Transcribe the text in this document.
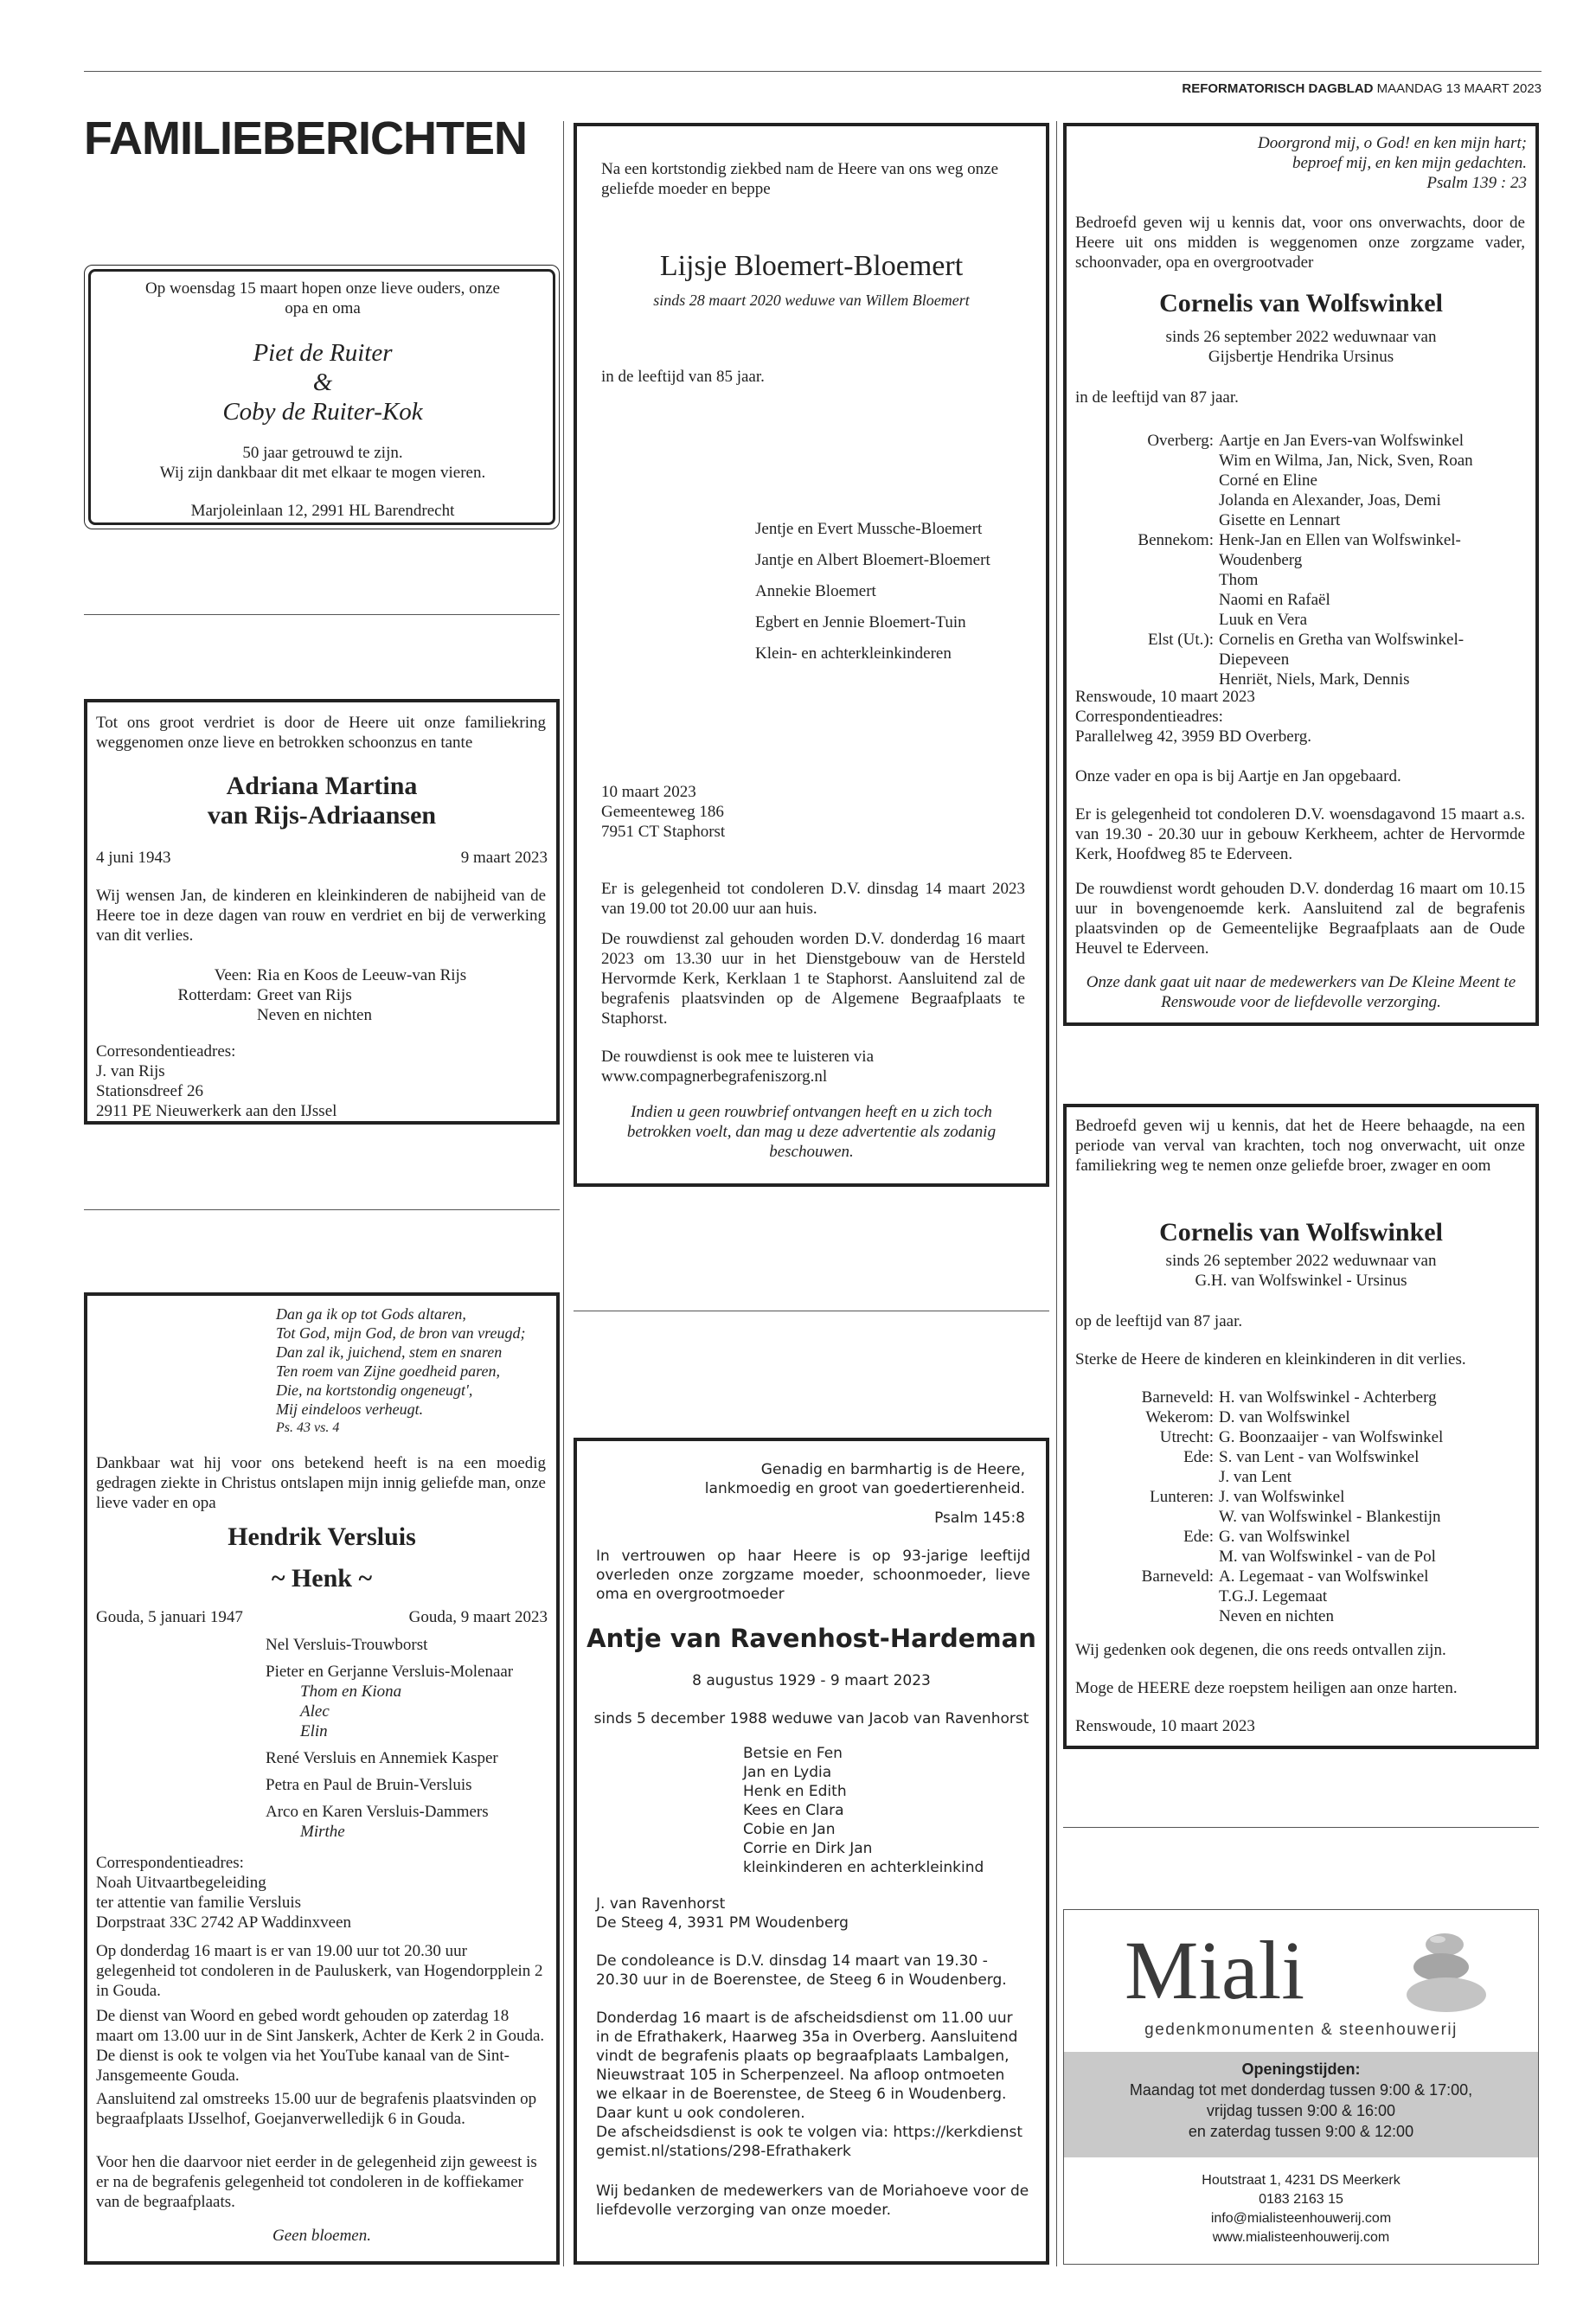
REFORMATORISCH DAGBLAD MAANDAG 13 MAART 2023
FAMILIEBERICHTEN
Op woensdag 15 maart hopen onze lieve ouders, onze opa en oma
Piet de Ruiter
&
Coby de Ruiter-Kok
50 jaar getrouwd te zijn.
Wij zijn dankbaar dit met elkaar te mogen vieren.
Marjoleinlaan 12, 2991 HL Barendrecht
Tot ons groot verdriet is door de Heere uit onze familiekring weggenomen onze lieve en betrokken schoonzus en tante
Adriana Martina
van Rijs-Adriaansen
4 juni 1943	9 maart 2023
Wij wensen Jan, de kinderen en kleinkinderen de nabijheid van de Heere toe in deze dagen van rouw en verdriet en bij de verwerking van dit verlies.
Veen:	Ria en Koos de Leeuw-van Rijs
Rotterdam:	Greet van Rijs
	Neven en nichten
Corresondentieadres:
J. van Rijs
Stationsdreef 26
2911 PE Nieuwerkerk aan den IJssel
Dan ga ik op tot Gods altaren,
Tot God, mijn God, de bron van vreugd;
Dan zal ik, juichend, stem en snaren
Ten roem van Zijne goedheid paren,
Die, na kortstondig ongeneugt',
Mij eindeloos verheugt.
Ps. 43 vs. 4
Dankbaar wat hij voor ons betekend heeft is na een moedig gedragen ziekte in Christus ontslapen mijn innig geliefde man, onze lieve vader en opa
Hendrik Versluis
~ Henk ~
Gouda, 5 januari 1947	Gouda, 9 maart 2023
Nel Versluis-Trouwborst
Pieter en Gerjanne Versluis-Molenaar
Thom en Kiona
Alec
Elin
René Versluis en Annemiek Kasper
Petra en Paul de Bruin-Versluis
Arco en Karen Versluis-Dammers
Mirthe
Correspondentieadres:
Noah Uitvaartbegeleiding
ter attentie van familie Versluis
Dorpstraat 33C 2742 AP Waddinxveen
Op donderdag 16 maart is er van 19.00 uur tot 20.30 uur gelegenheid tot condoleren in de Pauluskerk, van Hogendorpplein 2 in Gouda.
De dienst van Woord en gebed wordt gehouden op zaterdag 18 maart om 13.00 uur in de Sint Janskerk, Achter de Kerk 2 in Gouda. De dienst is ook te volgen via het YouTube kanaal van de Sint-Jansgemeente Gouda.
Aansluitend zal omstreeks 15.00 uur de begrafenis plaatsvinden op begraafplaats IJsselhof, Goejanverwelledijk 6 in Gouda.
Voor hen die daarvoor niet eerder in de gelegenheid zijn geweest is er na de begrafenis gelegenheid tot condoleren in de koffiekamer van de begraafplaats.
Geen bloemen.
Na een kortstondig ziekbed nam de Heere van ons weg onze geliefde moeder en beppe
Lijsje Bloemert-Bloemert
sinds 28 maart 2020 weduwe van Willem Bloemert
in de leeftijd van 85 jaar.
Jentje en Evert Mussche-Bloemert
Jantje en Albert Bloemert-Bloemert
Annekie Bloemert
Egbert en Jennie Bloemert-Tuin
Klein- en achterkleinkinderen
10 maart 2023
Gemeenteweg 186
7951 CT Staphorst
Er is gelegenheid tot condoleren D.V. dinsdag 14 maart 2023 van 19.00 tot 20.00 uur aan huis.
De rouwdienst zal gehouden worden D.V. donderdag 16 maart 2023 om 13.30 uur in het Dienstgebouw van de Hersteld Hervormde Kerk, Kerklaan 1 te Staphorst. Aansluitend zal de begrafenis plaatsvinden op de Algemene Begraafplaats te Staphorst.
De rouwdienst is ook mee te luisteren via www.compagnerbegrafeniszorg.nl
Indien u geen rouwbrief ontvangen heeft en u zich toch betrokken voelt, dan mag u deze advertentie als zodanig beschouwen.
Genadig en barmhartig is de Heere,
lankmoedig en groot van goedertierenheid.
Psalm 145:8
In vertrouwen op haar Heere is op 93-jarige leeftijd overleden onze zorgzame moeder, schoonmoeder, lieve oma en overgrootmoeder
Antje van Ravenhost-Hardeman
8 augustus 1929 - 9 maart 2023
sinds 5 december 1988 weduwe van Jacob van Ravenhorst
Betsie en Fen
Jan en Lydia
Henk en Edith
Kees en Clara
Cobie en Jan
Corrie en Dirk Jan
kleinkinderen en achterkleinkind
J. van Ravenhorst
De Steeg 4, 3931 PM Woudenberg
De condoleance is D.V. dinsdag 14 maart van 19.30 - 20.30 uur in de Boerenstee, de Steeg 6 in Woudenberg.
Donderdag 16 maart is de afscheidsdienst om 11.00 uur in de Efrathakerk, Haarweg 35a in Overberg. Aansluitend vindt de begrafenis plaats op begraafplaats Lambalgen, Nieuwstraat 105 in Scherpenzeel. Na afloop ontmoeten we elkaar in de Boerenstee, de Steeg 6 in Woudenberg. Daar kunt u ook condoleren.
De afscheidsdienst is ook te volgen via: https://kerkdienstgemist.nl/stations/298-Efrathakerk
Wij bedanken de medewerkers van de Moriahoeve voor de liefdevolle verzorging van onze moeder.
Doorgrond mij, o God! en ken mijn hart;
beproef mij, en ken mijn gedachten.
Psalm 139 : 23
Bedroefd geven wij u kennis dat, voor ons onverwachts, door de Heere uit ons midden is weggenomen onze zorgzame vader, schoonvader, opa en overgrootvader
Cornelis van Wolfswinkel
sinds 26 september 2022 weduwnaar van
Gijsbertje Hendrika Ursinus
in de leeftijd van 87 jaar.
Overberg:	Aartje en Jan Evers-van Wolfswinkel
	Wim en Wilma, Jan, Nick, Sven, Roan
	Corné en Eline
	Jolanda en Alexander, Joas, Demi
	Gisette en Lennart
Bennekom:	Henk-Jan en Ellen van Wolfswinkel-
	Woudenberg
	Thom
	Naomi en Rafaël
	Luuk en Vera
Elst (Ut.):	Cornelis en Gretha van Wolfswinkel-
	Diepeveen
	Henriët, Niels, Mark, Dennis
Renswoude, 10 maart 2023
Correspondentieadres:
Parallelweg 42, 3959 BD Overberg.
Onze vader en opa is bij Aartje en Jan opgebaard.
Er is gelegenheid tot condoleren D.V. woensdagavond 15 maart a.s. van 19.30 - 20.30 uur in gebouw Kerkheem, achter de Hervormde Kerk, Hoofdweg 85 te Ederveen.
De rouwdienst wordt gehouden D.V. donderdag 16 maart om 10.15 uur in bovengenoemde kerk. Aansluitend zal de begrafenis plaatsvinden op de Gemeentelijke Begraafplaats aan de Oude Heuvel te Ederveen.
Onze dank gaat uit naar de medewerkers van De Kleine Meent te Renswoude voor de liefdevolle verzorging.
Bedroefd geven wij u kennis, dat het de Heere behaagde, na een periode van verval van krachten, toch nog onverwacht, uit onze familiekring weg te nemen onze geliefde broer, zwager en oom
Cornelis van Wolfswinkel
sinds 26 september 2022 weduwnaar van
G.H. van Wolfswinkel - Ursinus
op de leeftijd van 87 jaar.
Sterke de Heere de kinderen en kleinkinderen in dit verlies.
Barneveld:	H. van Wolfswinkel - Achterberg
Wekerom:	D. van Wolfswinkel
Utrecht:	G. Boonzaaijer - van Wolfswinkel
Ede:	S. van Lent - van Wolfswinkel
	J. van Lent
Lunteren:	J. van Wolfswinkel
	W. van Wolfswinkel - Blankestijn
Ede:	G. van Wolfswinkel
	M. van Wolfswinkel - van de Pol
Barneveld:	A. Legemaat - van Wolfswinkel
	T.G.J. Legemaat
	Neven en nichten
Wij gedenken ook degenen, die ons reeds ontvallen zijn.
Moge de HEERE deze roepstem heiligen aan onze harten.
Renswoude, 10 maart 2023
Miali
gedenkmonumenten & steenhouwerij
Openingstijden:
Maandag tot met donderdag tussen 9:00 & 17:00,
vrijdag tussen 9:00 & 16:00
en zaterdag tussen 9:00 & 12:00
Houtstraat 1, 4231 DS Meerkerk
0183 2163 15
info@mialisteenhouwerij.com
www.mialisteenhouwerij.com
